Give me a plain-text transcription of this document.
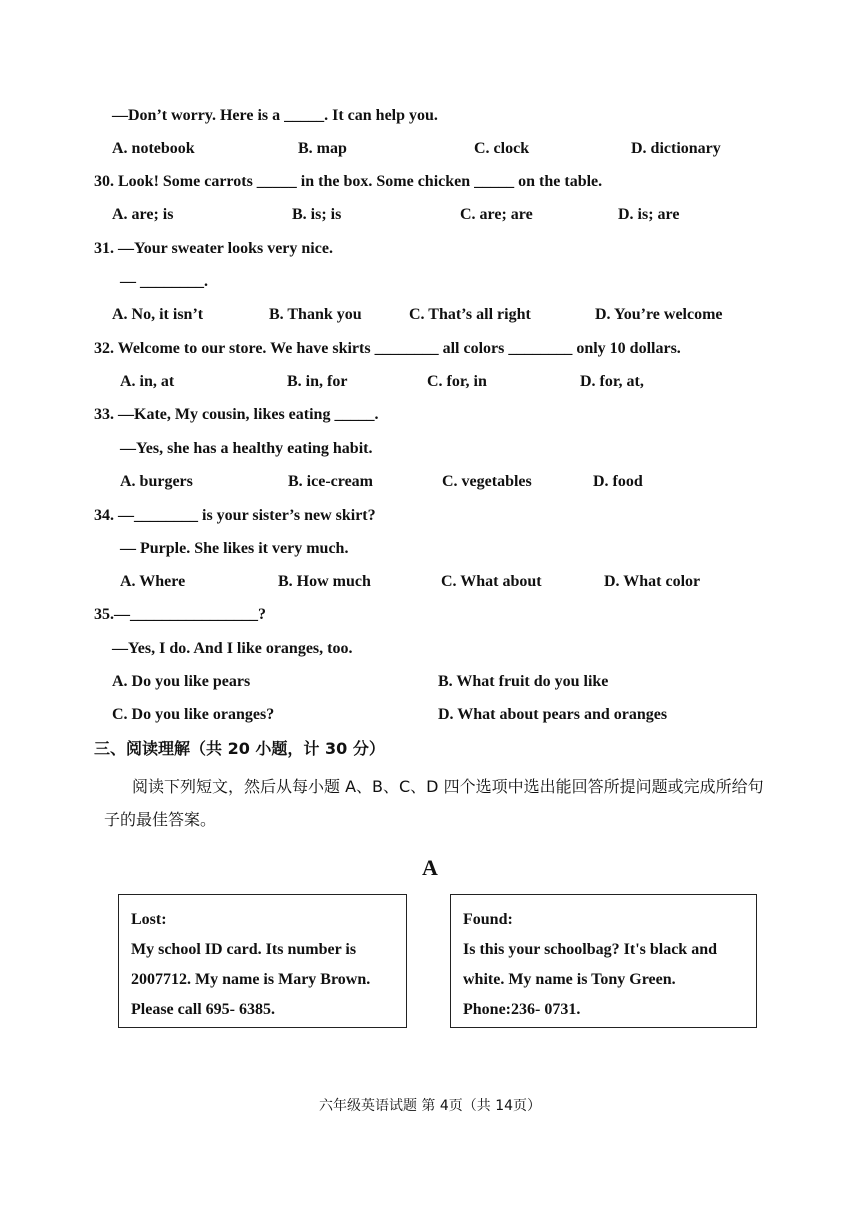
—Don’t worry. Here is a _____. It can help you.
A. notebook	B. map	C. clock	D. dictionary
30. Look! Some carrots _____ in the box. Some chicken _____ on the table.
A. are; is	B. is; is	C. are; are	D. is; are
31. —Your sweater looks very nice.
— ________.
A. No, it isn’t	B. Thank you	C. That’s all right	D. You’re welcome
32. Welcome to our store. We have skirts ________ all colors ________ only 10 dollars.
A. in, at	B. in, for	C. for, in	D. for, at,
33. —Kate, My cousin, likes eating _____.
—Yes, she has a healthy eating habit.
A. burgers	B. ice-cream	C. vegetables	D. food
34. —________ is your sister’s new skirt?
— Purple. She likes it very much.
A. Where	B. How much	C. What about	D. What color
35.—________________?
—Yes, I do. And I like oranges, too.
A. Do you like pears	B. What fruit do you like
C. Do you like oranges?	D. What about pears and oranges
三、阅读理解（共 20 小题，计 30 分）
阅读下列短文，然后从每小题 A、B、C、D 四个选项中选出能回答所提问题或完成所给句子的最佳答案。
A
Lost:
My school ID card. Its number is
2007712. My name is Mary Brown.
Please call 695- 6385.
Found:
Is this your schoolbag? It's black and
white. My name is Tony Green.
Phone:236- 0731.
六年级英语试题 第 4页（共 14页）
